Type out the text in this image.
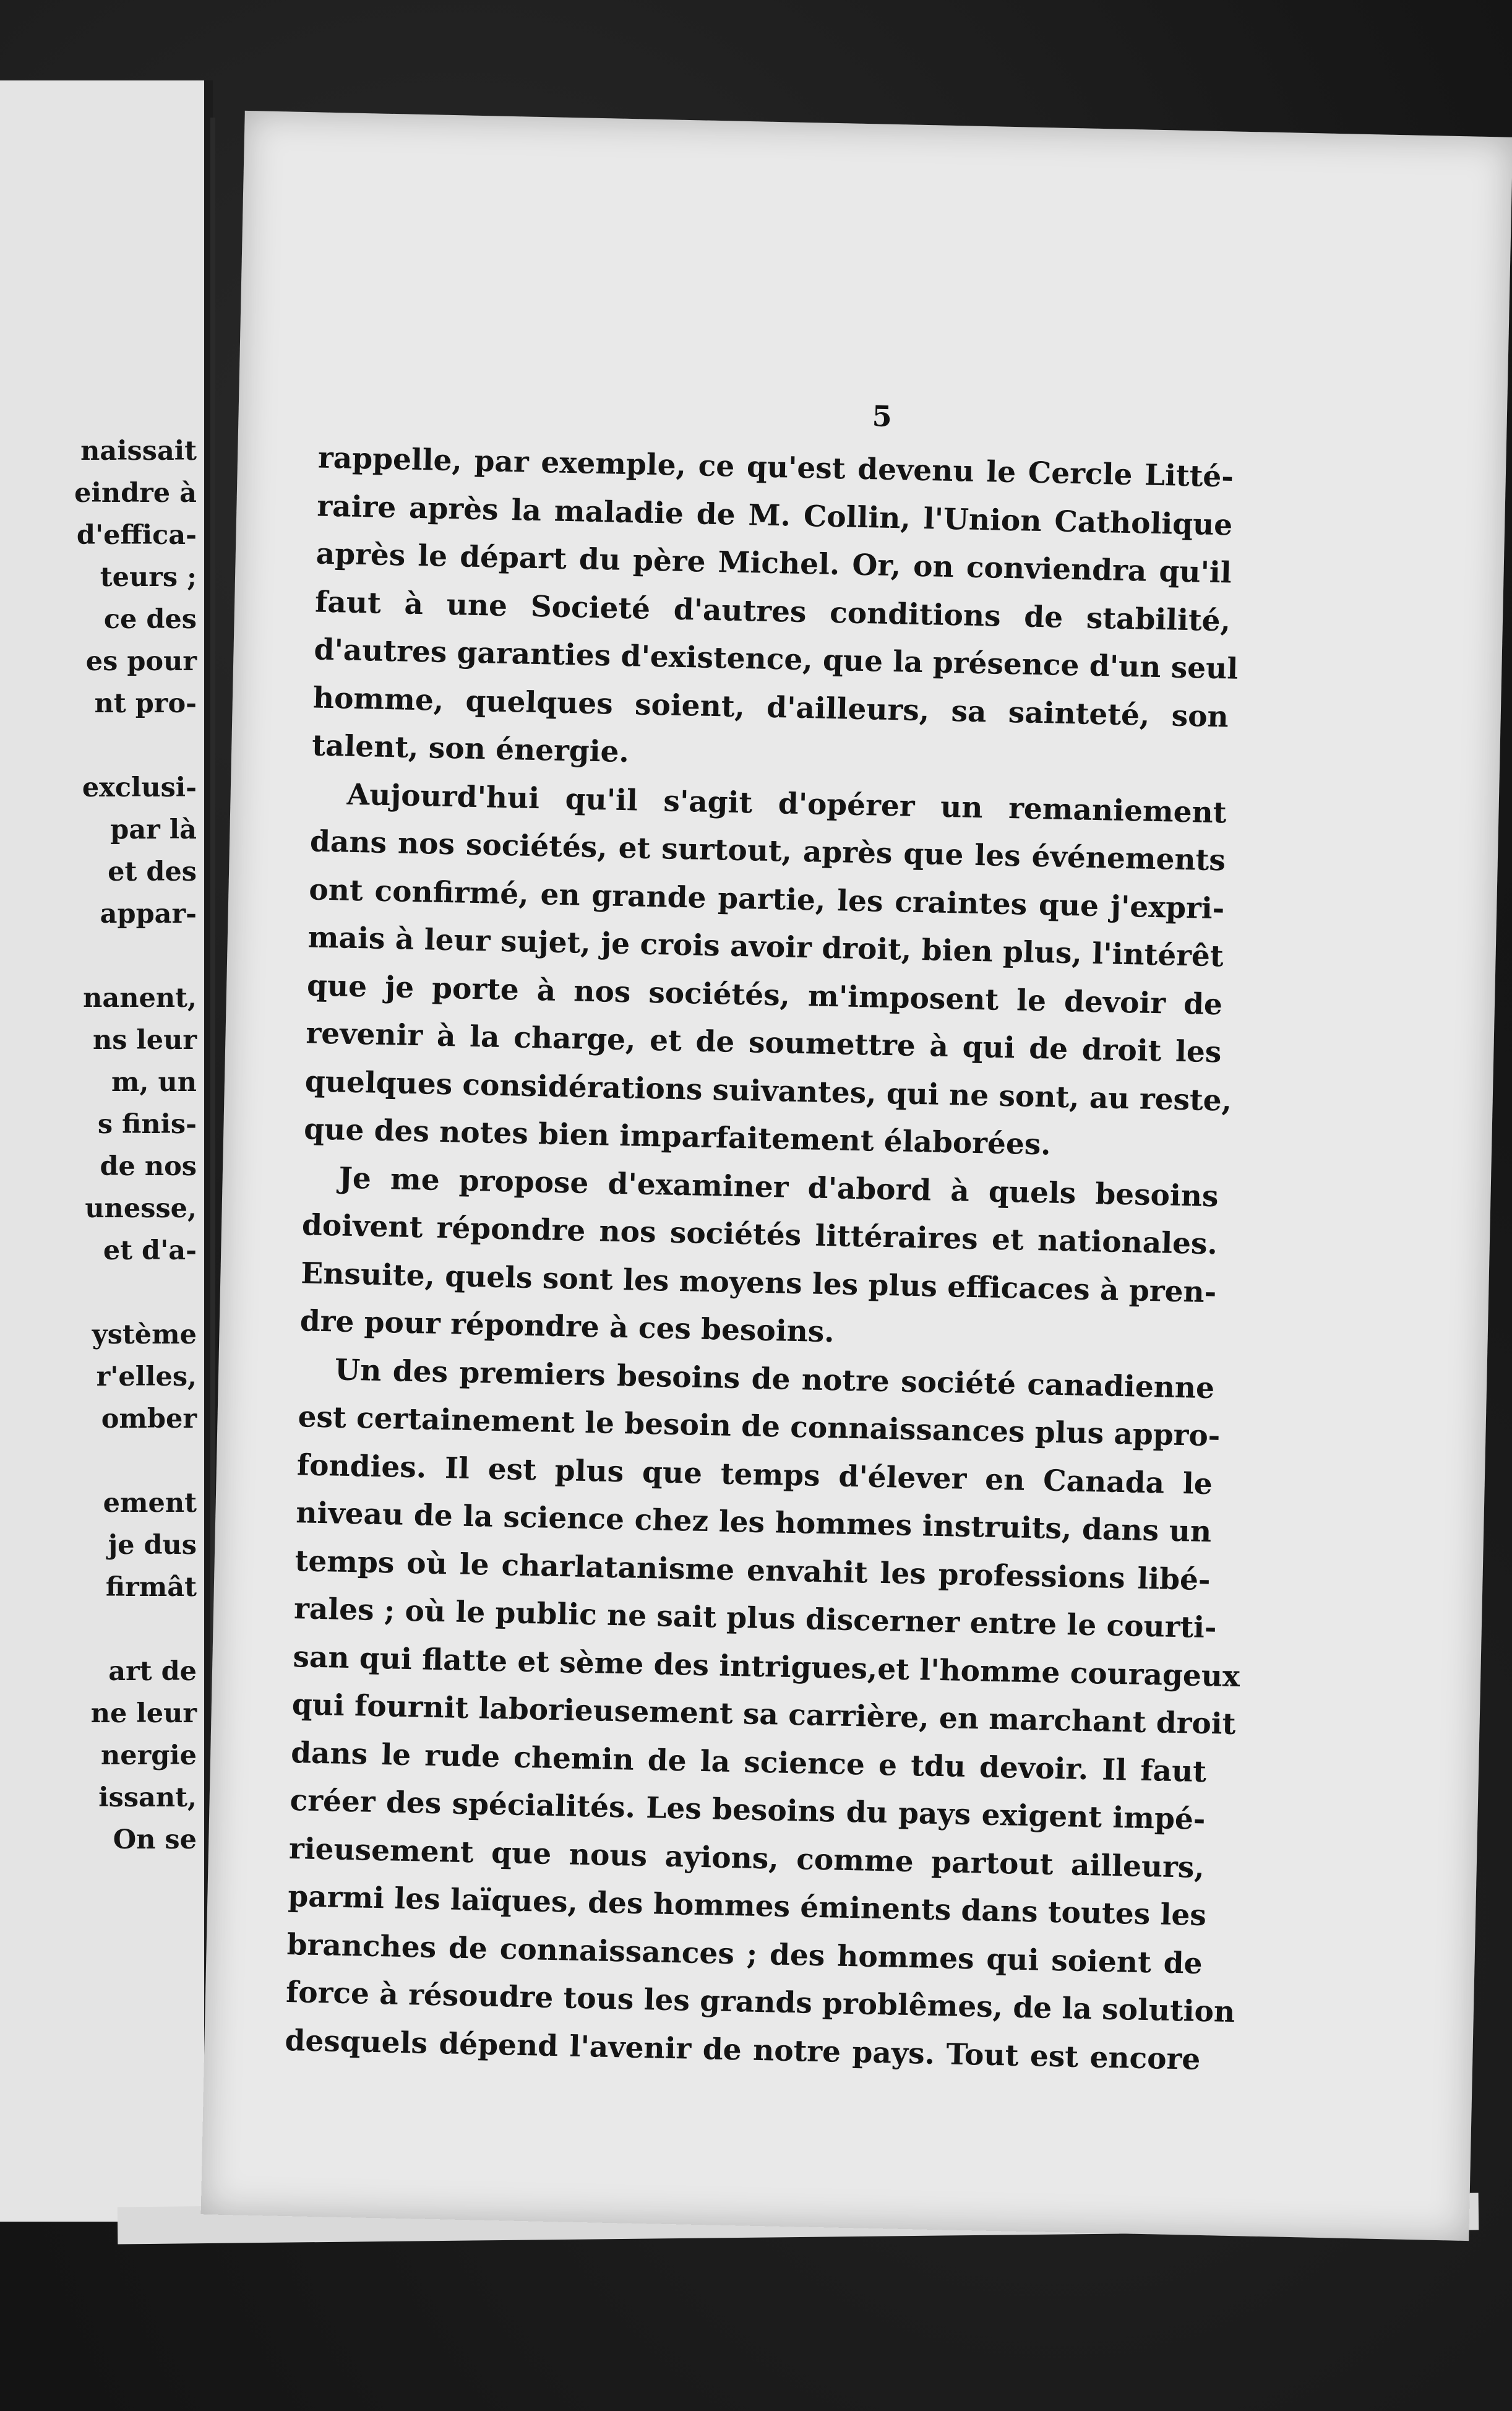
naissait
eindre à
d'effica-
teurs ;
ce des
es pour
nt pro-
exclusi-
par là
et des
appar-
nanent,
ns leur
m, un
s finis-
de nos
unesse,
et d'a-
ystème
r'elles,
omber
ement
je dus
firmât
art de
ne leur
nergie
issant,
On se
5

rappelle, par exemple, ce qu'est devenu le Cercle Litté-
raire après la maladie de M. Collin, l'Union Catholique
après le départ du père Michel. Or, on conviendra qu'il
faut à une Societé d'autres conditions de stabilité,
d'autres garanties d'existence, que la présence d'un seul
homme, quelques soient, d'ailleurs, sa sainteté, son
talent, son énergie.

Aujourd'hui qu'il s'agit d'opérer un remaniement
dans nos sociétés, et surtout, après que les événements
ont confirmé, en grande partie, les craintes que j'expri-
mais à leur sujet, je crois avoir droit, bien plus, l'intérêt
que je porte à nos sociétés, m'imposent le devoir de
revenir à la charge, et de soumettre à qui de droit les
quelques considérations suivantes, qui ne sont, au reste,
que des notes bien imparfaitement élaborées.

Je me propose d'examiner d'abord à quels besoins
doivent répondre nos sociétés littéraires et nationales.
Ensuite, quels sont les moyens les plus efficaces à pren-
dre pour répondre à ces besoins.

Un des premiers besoins de notre société canadienne
est certainement le besoin de connaissances plus appro-
fondies. Il est plus que temps d'élever en Canada le
niveau de la science chez les hommes instruits, dans un
temps où le charlatanisme envahit les professions libé-
rales ; où le public ne sait plus discerner entre le courti-
san qui flatte et sème des intrigues,et l'homme courageux
qui fournit laborieusement sa carrière, en marchant droit
dans le rude chemin de la science e tdu devoir. Il faut
créer des spécialités. Les besoins du pays exigent impé-
rieusement que nous ayions, comme partout ailleurs,
parmi les laïques, des hommes éminents dans toutes les
branches de connaissances ; des hommes qui soient de
force à résoudre tous les grands problêmes, de la solution
desquels dépend l'avenir de notre pays. Tout est encore
